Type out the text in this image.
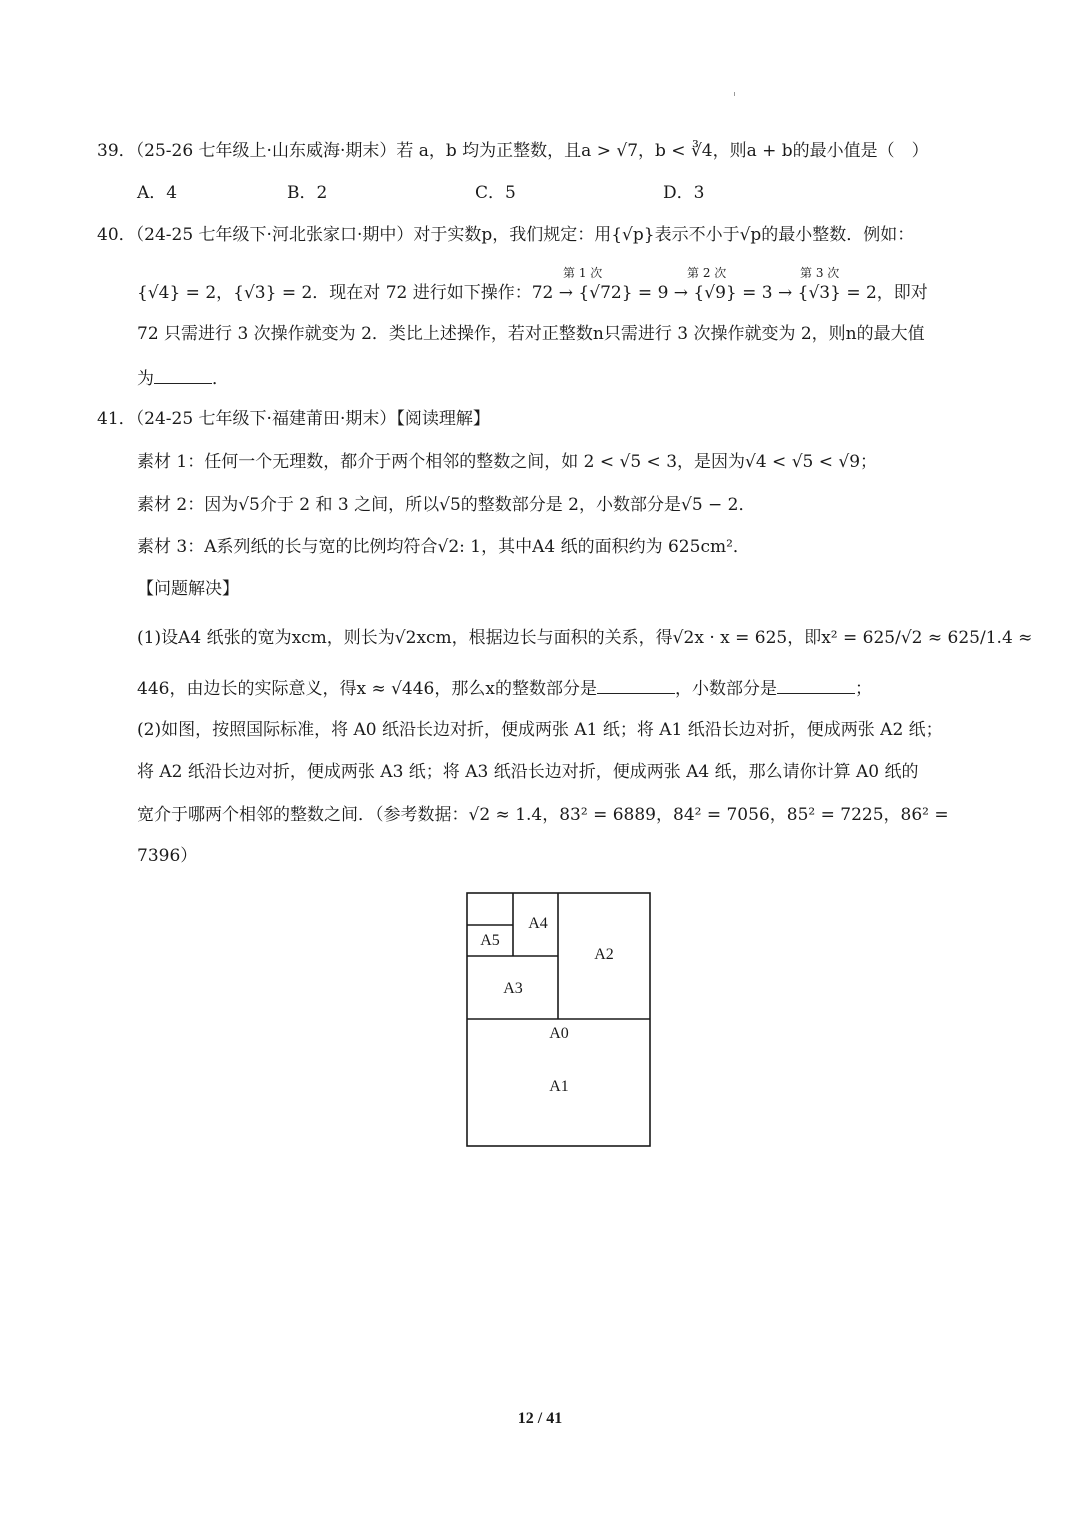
39．（25-26 七年级上·山东威海·期末）若 a，b 均为正整数，且a > √7，b < ∛4，则a + b的最小值是（　）
A．4	B．2	C．5	D．3
40．（24-25 七年级下·河北张家口·期中）对于实数p，我们规定：用{√p}表示不小于√p的最小整数．例如：
第 1 次	第 2 次	第 3 次
{√4} = 2，{√3} = 2．现在对 72 进行如下操作：72 → {√72} = 9 → {√9} = 3 → {√3} = 2，即对
72 只需进行 3 次操作就变为 2．类比上述操作，若对正整数n只需进行 3 次操作就变为 2，则n的最大值
为	．
41．（24-25 七年级下·福建莆田·期末）【阅读理解】
素材 1：任何一个无理数，都介于两个相邻的整数之间，如 2 < √5 < 3，是因为√4 < √5 < √9；
素材 2：因为√5介于 2 和 3 之间，所以√5的整数部分是 2，小数部分是√5 − 2．
素材 3：A系列纸的长与宽的比例均符合√2: 1，其中A4 纸的面积约为 625cm²．
【问题解决】
(1)设A4 纸张的宽为xcm，则长为√2xcm，根据边长与面积的关系，得√2x · x = 625，即x² = 625/√2 ≈ 625/1.4 ≈
446，由边长的实际意义，得x ≈ √446，那么x的整数部分是	，小数部分是	；
(2)如图，按照国际标准，将 A0 纸沿长边对折，便成两张 A1 纸；将 A1 纸沿长边对折，便成两张 A2 纸；
将 A2 纸沿长边对折，便成两张 A3 纸；将 A3 纸沿长边对折，便成两张 A4 纸，那么请你计算 A0 纸的
宽介于哪两个相邻的整数之间．（参考数据：√2 ≈ 1.4，83² = 6889，84² = 7056，85² = 7225，86² =
7396）
A4
A5
A2
A3
A0
A1
12 / 41
